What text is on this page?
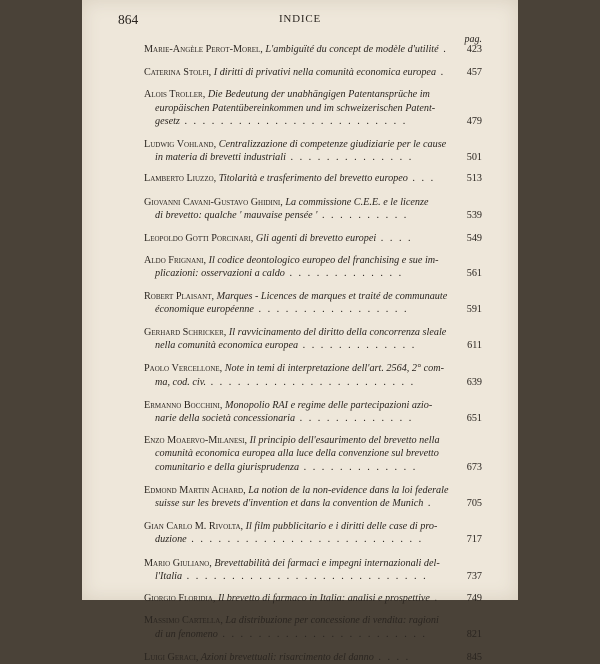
864	INDICE
pag.
Marie-Angèle Perot-Morel, L'ambiguïté du concept de modèle d'utilité .	423
Caterina Stolfi, I diritti di privativi nella comunità economica europea .	457
Alois Troller, Die Bedeutung der unabhängigen Patentansprüche im
europäischen Patentübereinkommen und im schweizerischen Patent-
gesetz . . . . . . . . . . . . . . . . . . . . . . . . .	479
Ludwig Vohland, Centralizzazione di competenze giudiziarie per le cause
in materia di brevetti industriali . . . . . . . . . . . . . .	501
Lamberto Liuzzo, Titolarità e trasferimento del brevetto europeo . . .	513
Giovanni Cavani-Gustavo Ghidini, La commissione C.E.E. e le licenze
di brevetto: qualche ' mauvaise pensée ' . . . . . . . . . .	539
Leopoldo Gotti Porcinari, Gli agenti di brevetto europei . . . .	549
Aldo Frignani, Il codice deontologico europeo del franchising e sue im-
plicazioni: osservazioni a caldo . . . . . . . . . . . . .	561
Robert Plaisant, Marques - Licences de marques et traité de communaute
économique européenne . . . . . . . . . . . . . . . . .	591
Gerhard Schricker, Il ravvicinamento del diritto della concorrenza sleale
nella comunità economica europea . . . . . . . . . . . . .	611
Paolo Vercellone, Note in temi di interpretazione dell'art. 2564, 2° com-
ma, cod. civ. . . . . . . . . . . . . . . . . . . . . . . .	639
Ermanno Bocchini, Monopolio RAI e regime delle partecipazioni azio-
narie della società concessionaria . . . . . . . . . . . . .	651
Enzo Moaervo-Milanesi, Il principio dell'esaurimento del brevetto nella
comunità economica europea alla luce della convenzione sul brevetto
comunitario e della giurisprudenza . . . . . . . . . . . . .	673
Edmond Martin Achard, La notion de la non-evidence dans la loi federale
suisse sur les brevets d'invention et dans la convention de Munich .	705
Gian Carlo M. Rivolta, Il film pubblicitario e i diritti delle case di pro-
duzione . . . . . . . . . . . . . . . . . . . . . . . . . .	717
Mario Giuliano, Brevettabilità dei farmaci e impegni internazionali del-
l'Italia . . . . . . . . . . . . . . . . . . . . . . . . . . .	737
Giorgio Floridia, Il brevetto di farmaco in Italia: analisi e prospettive .	749
Massimo Cartella, La distribuzione per concessione di vendita: ragioni
di un fenomeno . . . . . . . . . . . . . . . . . . . . . . .	821
Luigi Geraci, Azioni brevettuali: risarcimento del danno . . . .	845
